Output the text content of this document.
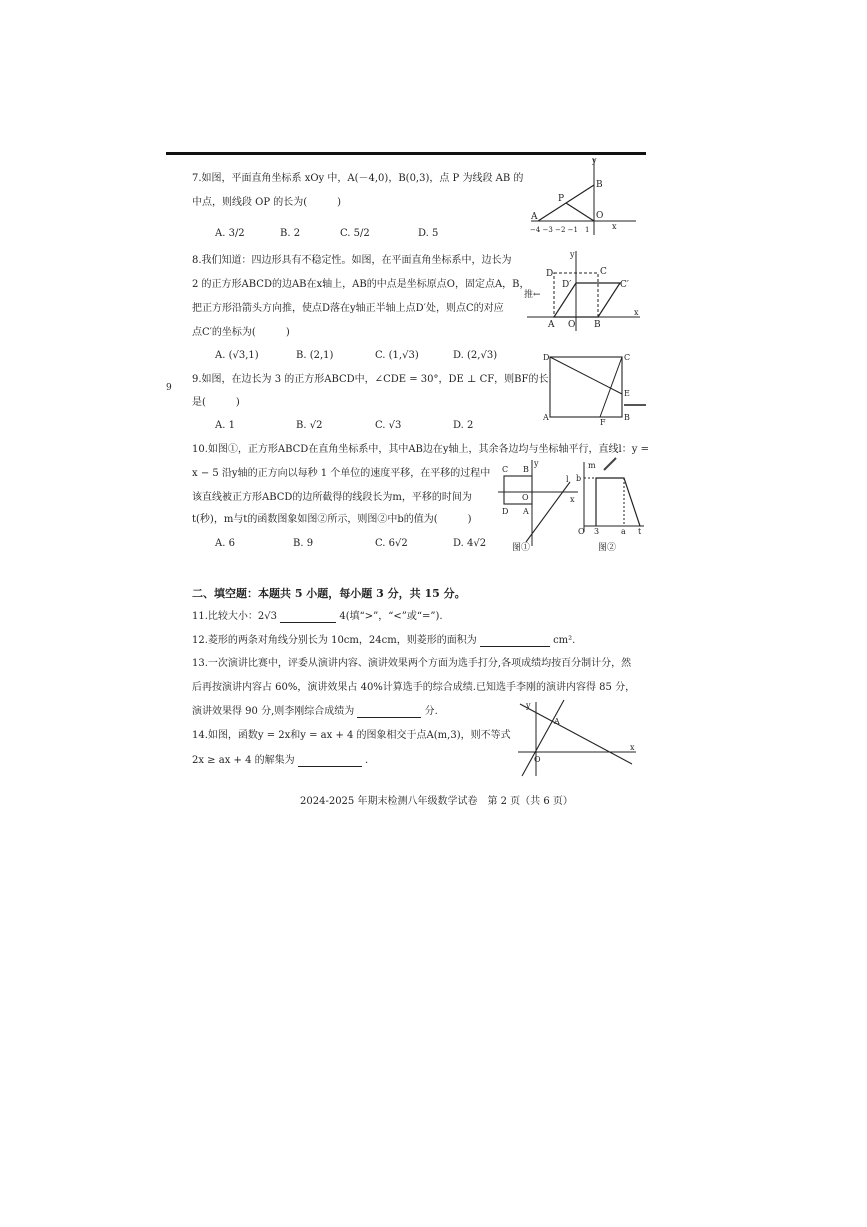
9
7.如图，平面直角坐标系 xOy 中，A(－4,0)，B(0,3)，点 P 为线段 AB 的
中点，则线段 OP 的长为(　　　)
A. 3/2	B. 2	C. 5/2	D. 5
y
B
P
A	O
x
−4 −3 −2 −1　1
8.我们知道：四边形具有不稳定性。如图，在平面直角坐标系中，边长为
2 的正方形ABCD的边AB在x轴上，AB的中点是坐标原点O，固定点A，B，
把正方形沿箭头方向推，使点D落在y轴正半轴上点D′处，则点C的对应
点C′的坐标为(　　　)
A. (√3,1)	B. (2,1)	C. (1,√3)	D. (2,√3)
y
D	C
D′	C′
推←
A O B
x
9.如图，在边长为 3 的正方形ABCD中，∠CDE = 30°，DE ⊥ CF，则BF的长
是(　　　)
A. 1	B. √2	C. √3	D. 2
D	C
E
A
F
B
10.如图①，正方形ABCD在直角坐标系中，其中AB边在y轴上，其余各边均与坐标轴平行，直线l：y =
x − 5 沿y轴的正方向以每秒 1 个单位的速度平移，在平移的过程中
该直线被正方形ABCD的边所截得的线段长为m，平移的时间为
t(秒)，m与t的函数图象如图②所示，则图②中b的值为(　　　)
A. 6	B. 9	C. 6√2	D. 4√2
C B
y
O	x
D A
l
图①
m
b
O 3	a t
图②
二、填空题：本题共 5 小题，每小题 3 分，共 15 分。
11.比较大小：2√3	4(填“>”，“<”或“=”).
12.菱形的两条对角线分别长为 10cm，24cm，则菱形的面积为	cm².
13.一次演讲比赛中，评委从演讲内容、演讲效果两个方面为选手打分,各项成绩均按百分制计分，然
后再按演讲内容占 60%，演讲效果占 40%计算选手的综合成绩.已知选手李刚的演讲内容得 85 分，
演讲效果得 90 分,则李刚综合成绩为	分.
14.如图，函数y = 2x和y = ax + 4 的图象相交于点A(m,3)，则不等式
2x ≥ ax + 4 的解集为	.
y
A
O
x
2024-2025 年期末检测八年级数学试卷　第 2 页（共 6 页）
